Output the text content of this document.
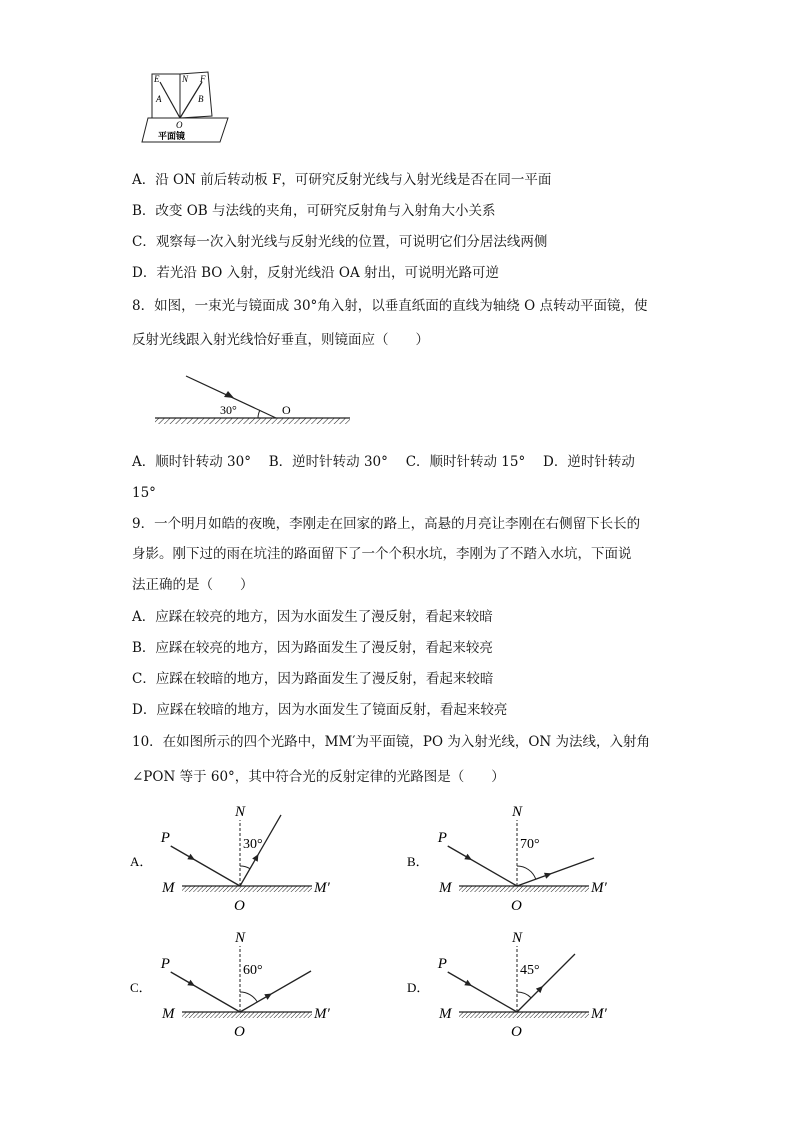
E	N F
A	B
O
平面镜
A．沿 ON 前后转动板 F，可研究反射光线与入射光线是否在同一平面
B．改变 OB 与法线的夹角，可研究反射角与入射角大小关系
C．观察每一次入射光线与反射光线的位置，可说明它们分居法线两侧
D．若光沿 BO 入射，反射光线沿 OA 射出，可说明光路可逆
8．如图，一束光与镜面成 30°角入射，以垂直纸面的直线为轴绕 O 点转动平面镜，使
反射光线跟入射光线恰好垂直，则镜面应（　　）
30°	O
A．顺时针转动 30°　 B．逆时针转动 30°　 C．顺时针转动 15°　 D．逆时针转动
15°
9．一个明月如皓的夜晚，李刚走在回家的路上，高悬的月亮让李刚在右侧留下长长的
身影。刚下过的雨在坑洼的路面留下了一个个积水坑，李刚为了不踏入水坑，下面说
法正确的是（　　）
A．应踩在较亮的地方，因为水面发生了漫反射，看起来较暗
B．应踩在较亮的地方，因为路面发生了漫反射，看起来较亮
C．应踩在较暗的地方，因为路面发生了漫反射，看起来较暗
D．应踩在较暗的地方，因为水面发生了镜面反射，看起来较亮
10．在如图所示的四个光路中，MM′为平面镜，PO 为入射光线，ON 为法线，入射角
∠PON 等于 60°，其中符合光的反射定律的光路图是（　　）
A．
30°
P
N
M	M′
O
B．
70°
P
N
M	M′
O
C．
60°
P
N
M	M′
O
D．
45°
P
N
M	M′
O
